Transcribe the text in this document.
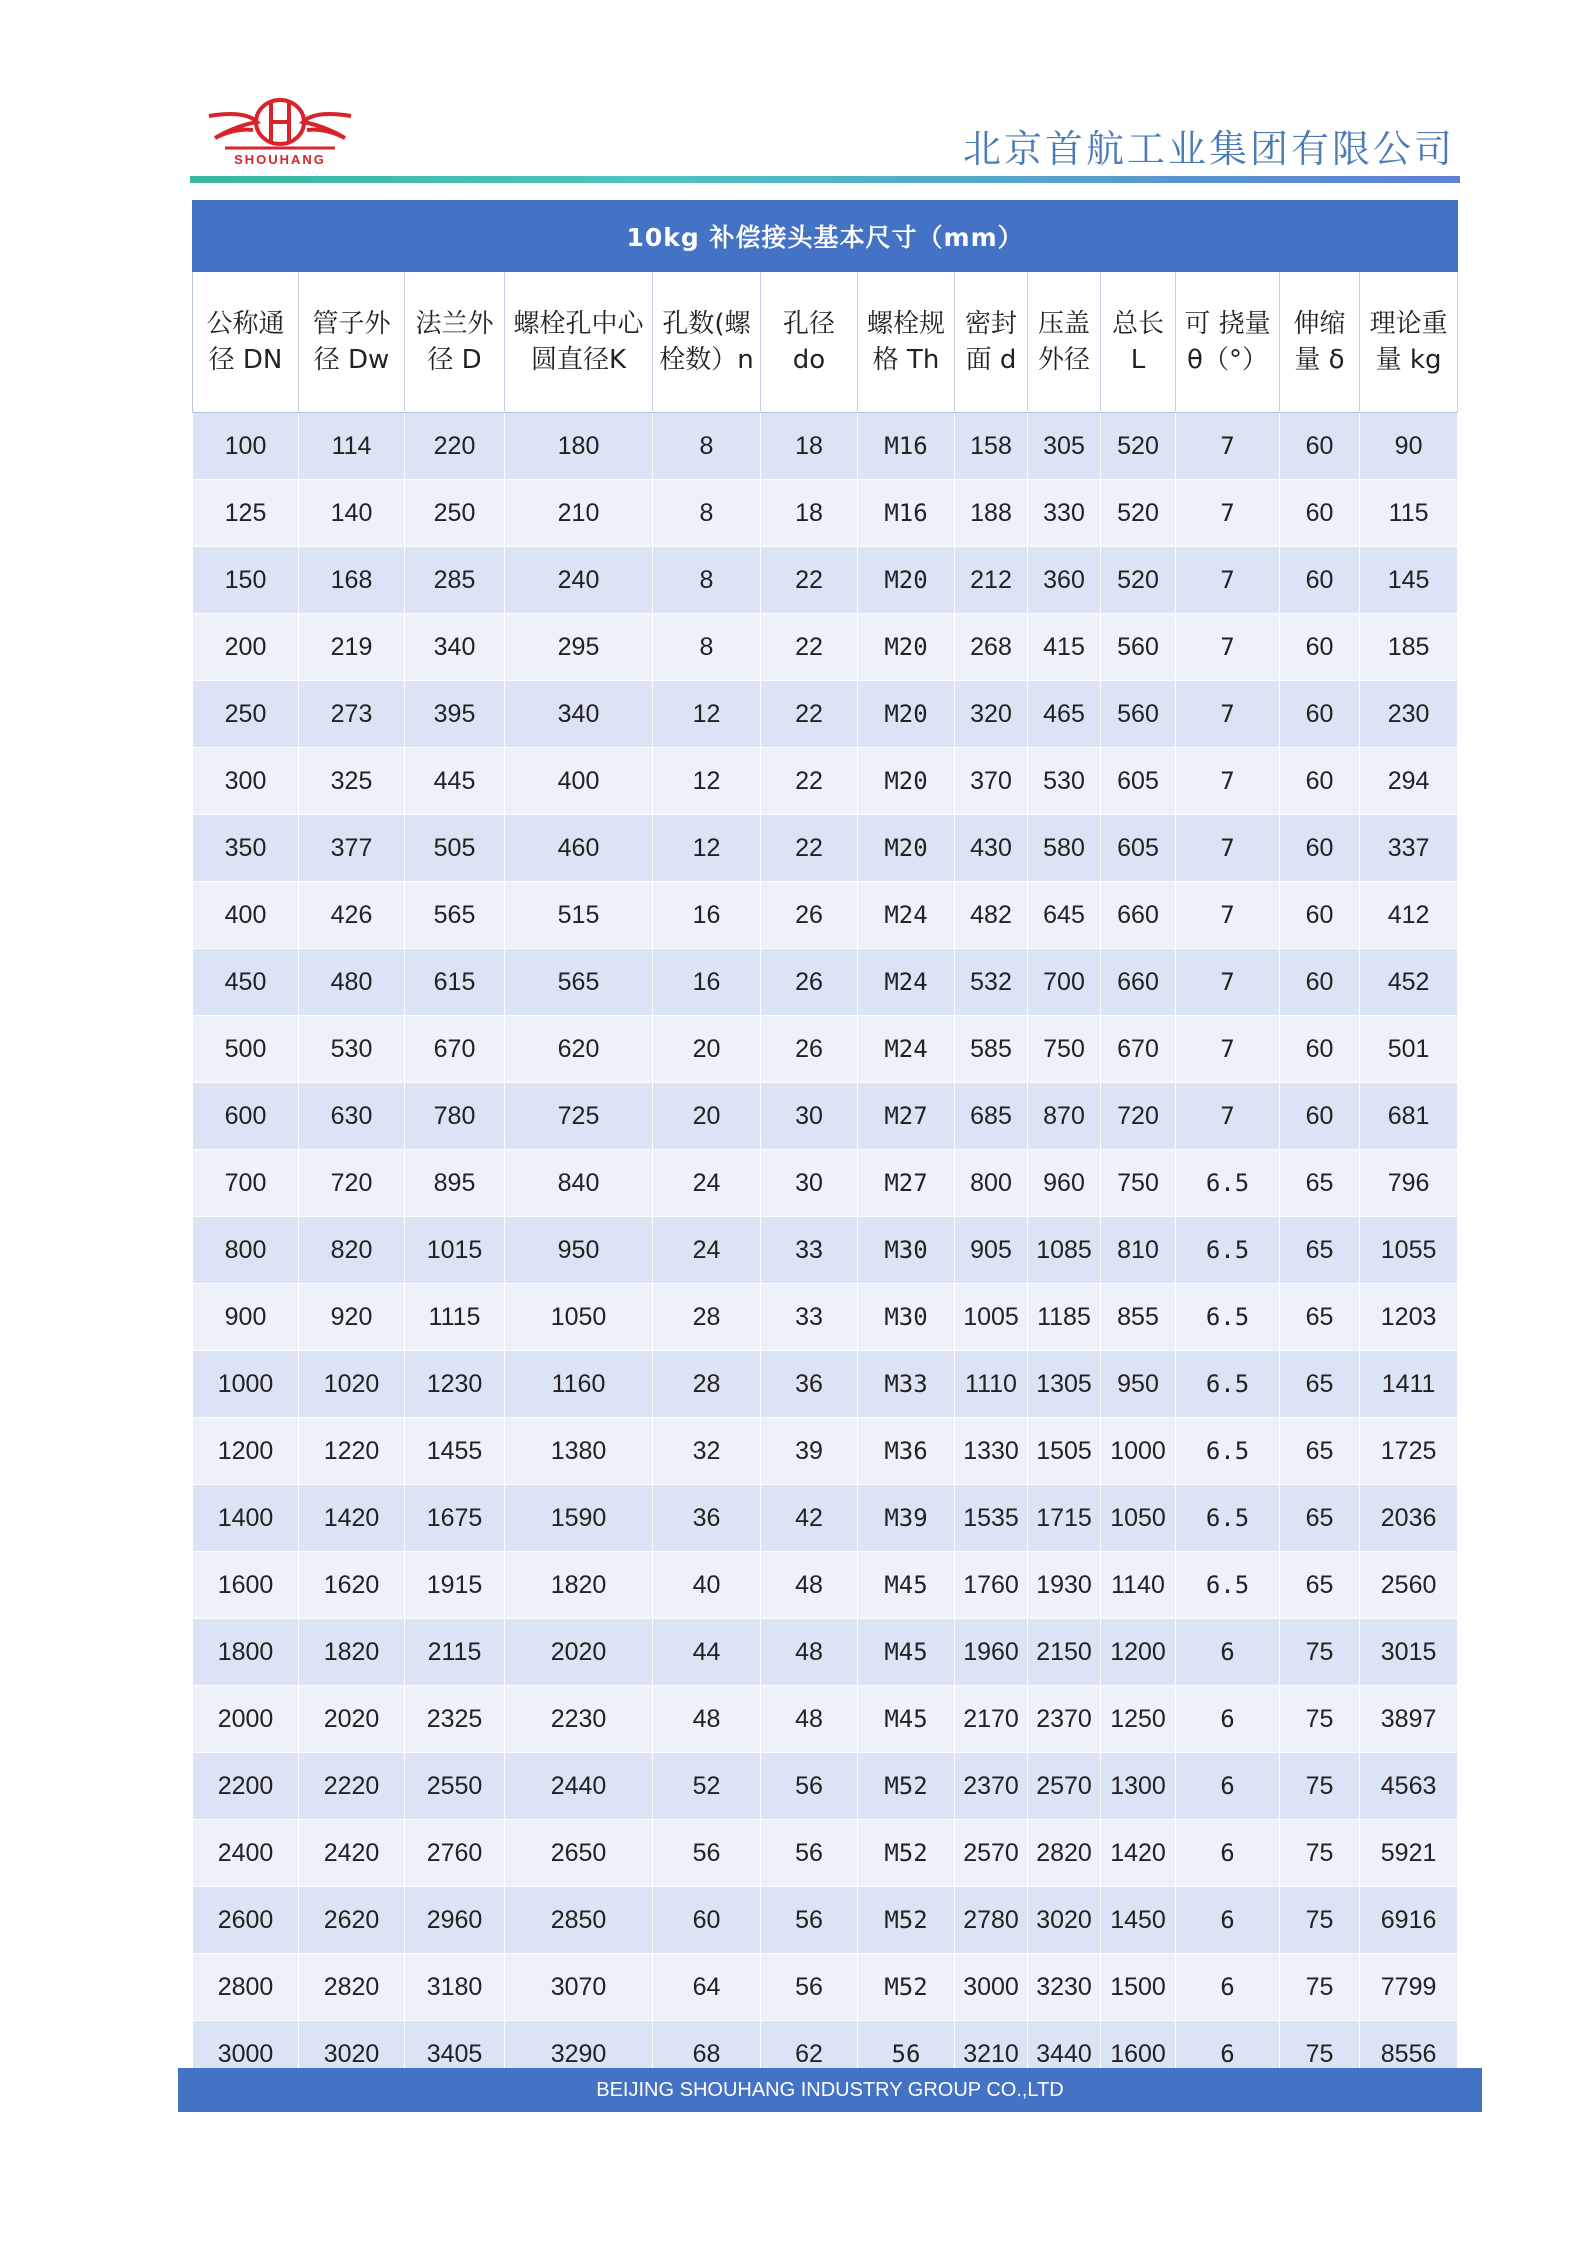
SHOUHANG	北京首航工业集团有限公司
10kg 补偿接头基本尺寸（mm）												
公称通径 DN	管子外径 Dw	法兰外径 D	螺栓孔中心圆直径K	孔数(螺栓数）n	孔径 do	螺栓规格 Th	密封面 d	压盖外径	总长 L	可 挠量 θ（°）	伸缩量 δ	理论重量 kg
100	114	220	180	8	18	M16	158	305	520	7	60	90
125	140	250	210	8	18	M16	188	330	520	7	60	115
150	168	285	240	8	22	M20	212	360	520	7	60	145
200	219	340	295	8	22	M20	268	415	560	7	60	185
250	273	395	340	12	22	M20	320	465	560	7	60	230
300	325	445	400	12	22	M20	370	530	605	7	60	294
350	377	505	460	12	22	M20	430	580	605	7	60	337
400	426	565	515	16	26	M24	482	645	660	7	60	412
450	480	615	565	16	26	M24	532	700	660	7	60	452
500	530	670	620	20	26	M24	585	750	670	7	60	501
600	630	780	725	20	30	M27	685	870	720	7	60	681
700	720	895	840	24	30	M27	800	960	750	6.5	65	796
800	820	1015	950	24	33	M30	905	1085	810	6.5	65	1055
900	920	1115	1050	28	33	M30	1005	1185	855	6.5	65	1203
1000	1020	1230	1160	28	36	M33	1110	1305	950	6.5	65	1411
1200	1220	1455	1380	32	39	M36	1330	1505	1000	6.5	65	1725
1400	1420	1675	1590	36	42	M39	1535	1715	1050	6.5	65	2036
1600	1620	1915	1820	40	48	M45	1760	1930	1140	6.5	65	2560
1800	1820	2115	2020	44	48	M45	1960	2150	1200	6	75	3015
2000	2020	2325	2230	48	48	M45	2170	2370	1250	6	75	3897
2200	2220	2550	2440	52	56	M52	2370	2570	1300	6	75	4563
2400	2420	2760	2650	56	56	M52	2570	2820	1420	6	75	5921
2600	2620	2960	2850	60	56	M52	2780	3020	1450	6	75	6916
2800	2820	3180	3070	64	56	M52	3000	3230	1500	6	75	7799
3000	3020	3405	3290	68	62	56	3210	3440	1600	6	75	8556
BEIJING SHOUHANG INDUSTRY GROUP CO.,LTD
